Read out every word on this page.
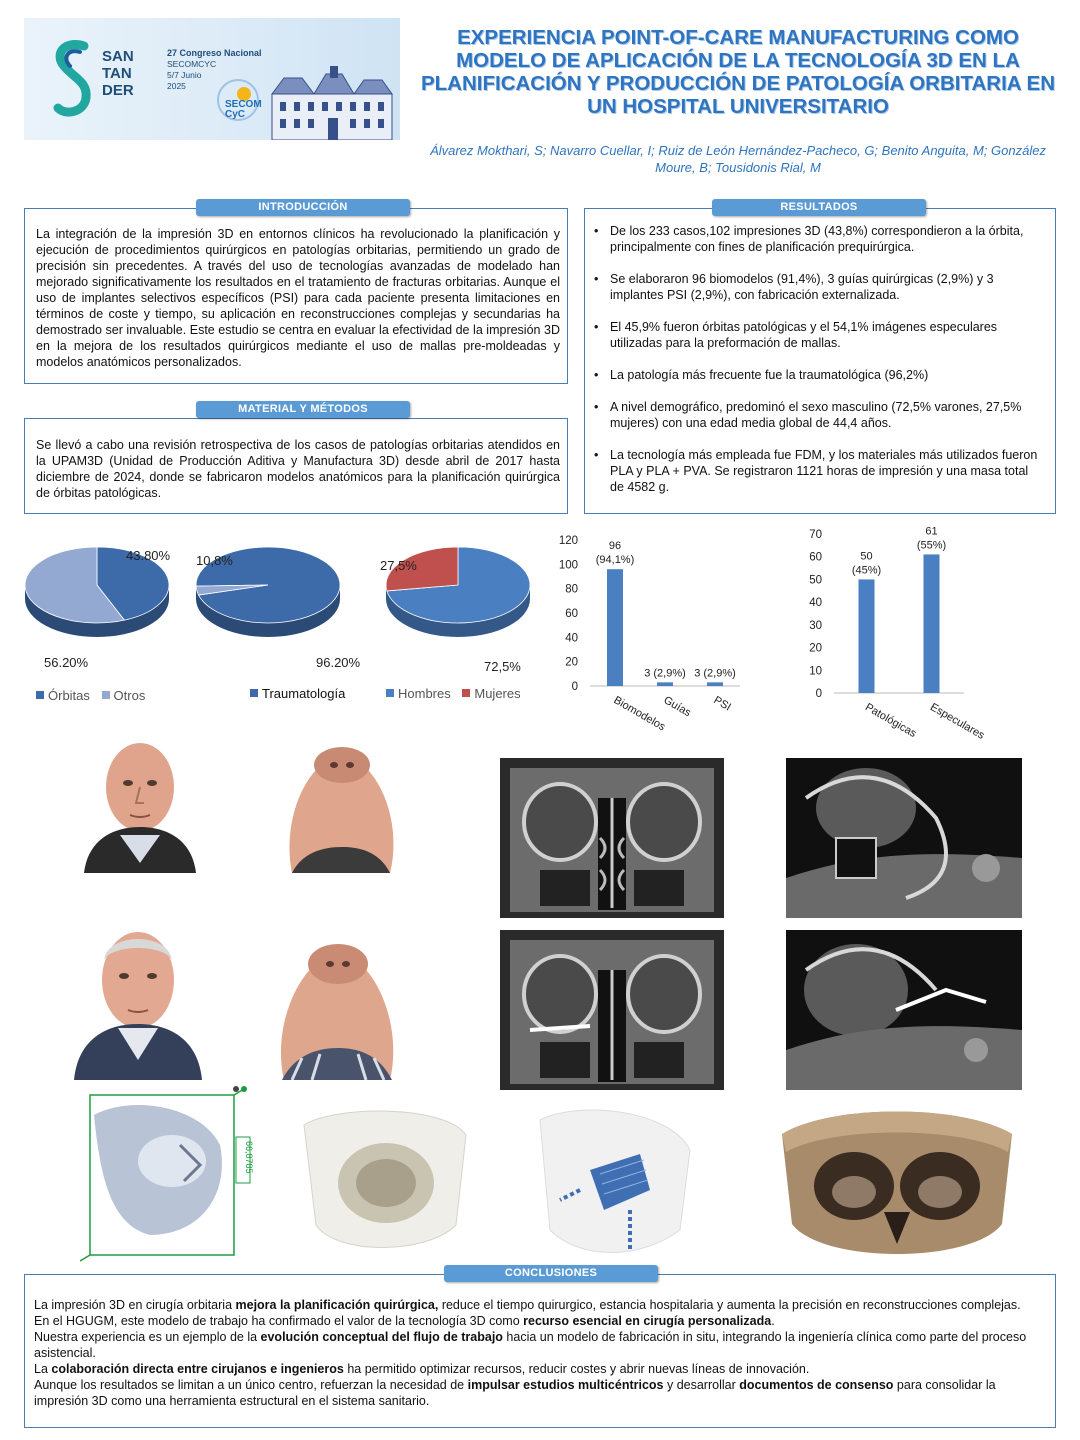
SAN
TAN
DER
27 Congreso Nacional
SECOMCYC
5/7 Junio
2025
SECOM
CyC
EXPERIENCIA POINT-OF-CARE MANUFACTURING COMO MODELO DE APLICACIÓN DE LA TECNOLOGÍA 3D EN LA PLANIFICACIÓN Y PRODUCCIÓN DE PATOLOGÍA ORBITARIA EN UN HOSPITAL UNIVERSITARIO
Álvarez Mokthari, S; Navarro Cuellar, I; Ruiz de León Hernández-Pacheco, G; Benito Anguita, M; González Moure, B; Tousidonis Rial, M
INTRODUCCIÓN
La integración de la impresión 3D en entornos clínicos ha revolucionado la planificación y ejecución de procedimientos quirúrgicos en patologías orbitarias, permitiendo un grado de precisión sin precedentes. A través del uso de tecnologías avanzadas de modelado han mejorado significativamente los resultados en el tratamiento de fracturas orbitarias. Aunque el uso de implantes selectivos específicos (PSI) para cada paciente presenta limitaciones en términos de coste y tiempo, su aplicación en reconstrucciones complejas y secundarias ha demostrado ser invaluable. Este estudio se centra en evaluar la efectividad de la impresión 3D en la mejora de los resultados quirúrgicos mediante el uso de mallas pre-moldeadas y modelos anatómicos personalizados.
MATERIAL Y MÉTODOS
Se llevó a cabo una revisión retrospectiva de los casos de patologías orbitarias atendidos en la UPAM3D (Unidad de Producción Aditiva y Manufactura 3D) desde abril de 2017 hasta diciembre de 2024, donde se fabricaron modelos anatómicos para la planificación quirúrgica de órbitas patológicas.
RESULTADOS
• De los 233 casos,102 impresiones 3D (43,8%) correspondieron a la órbita, principalmente con fines de planificación prequirúrgica.
• Se elaboraron 96 biomodelos (91,4%), 3 guías quirúrgicas (2,9%) y 3 implantes PSI (2,9%), con fabricación externalizada.
• El 45,9% fueron órbitas patológicas y el 54,1% imágenes especulares utilizadas para la preformación de mallas.
• La patología más frecuente fue la traumatológica (96,2%)
• A nivel demográfico, predominó el sexo masculino (72,5% varones, 27,5% mujeres) con una edad media global de 44,4 años.
• La tecnología más empleada fue FDM, y los materiales más utilizados fueron PLA y PLA + PVA. Se registraron 1121 horas de impresión y una masa total de 4582 g.
43.80%
56.20%
10,8%
96.20%
27,5%
72,5%
Órbitas Otros	Traumatología	Hombres Mujeres	0
20
40
60
80
100
120	96
(94,1%)
Biomodelos
3 (2,9%)
Guías
3 (2,9%)
PSI
0
10
20
30
40
50
60
70
50
(45%)
Patológicas
61
(55%)
Especulares
66,8785
CONCLUSIONES

La impresión 3D en cirugía orbitaria mejora la planificación quirúrgica, reduce el tiempo quirurgico, estancia hospitalaria y aumenta la precisión en reconstrucciones complejas.

En el HGUGM, este modelo de trabajo ha confirmado el valor de la tecnología 3D como recurso esencial en cirugía personalizada.

Nuestra experiencia es un ejemplo de la evolución conceptual del flujo de trabajo hacia un modelo de fabricación in situ, integrando la ingeniería clínica como parte del proceso asistencial.

La colaboración directa entre cirujanos e ingenieros ha permitido optimizar recursos, reducir costes y abrir nuevas líneas de innovación.

Aunque los resultados se limitan a un único centro, refuerzan la necesidad de impulsar estudios multicéntricos y desarrollar documentos de consenso para consolidar la impresión 3D como una herramienta estructural en el sistema sanitario.
